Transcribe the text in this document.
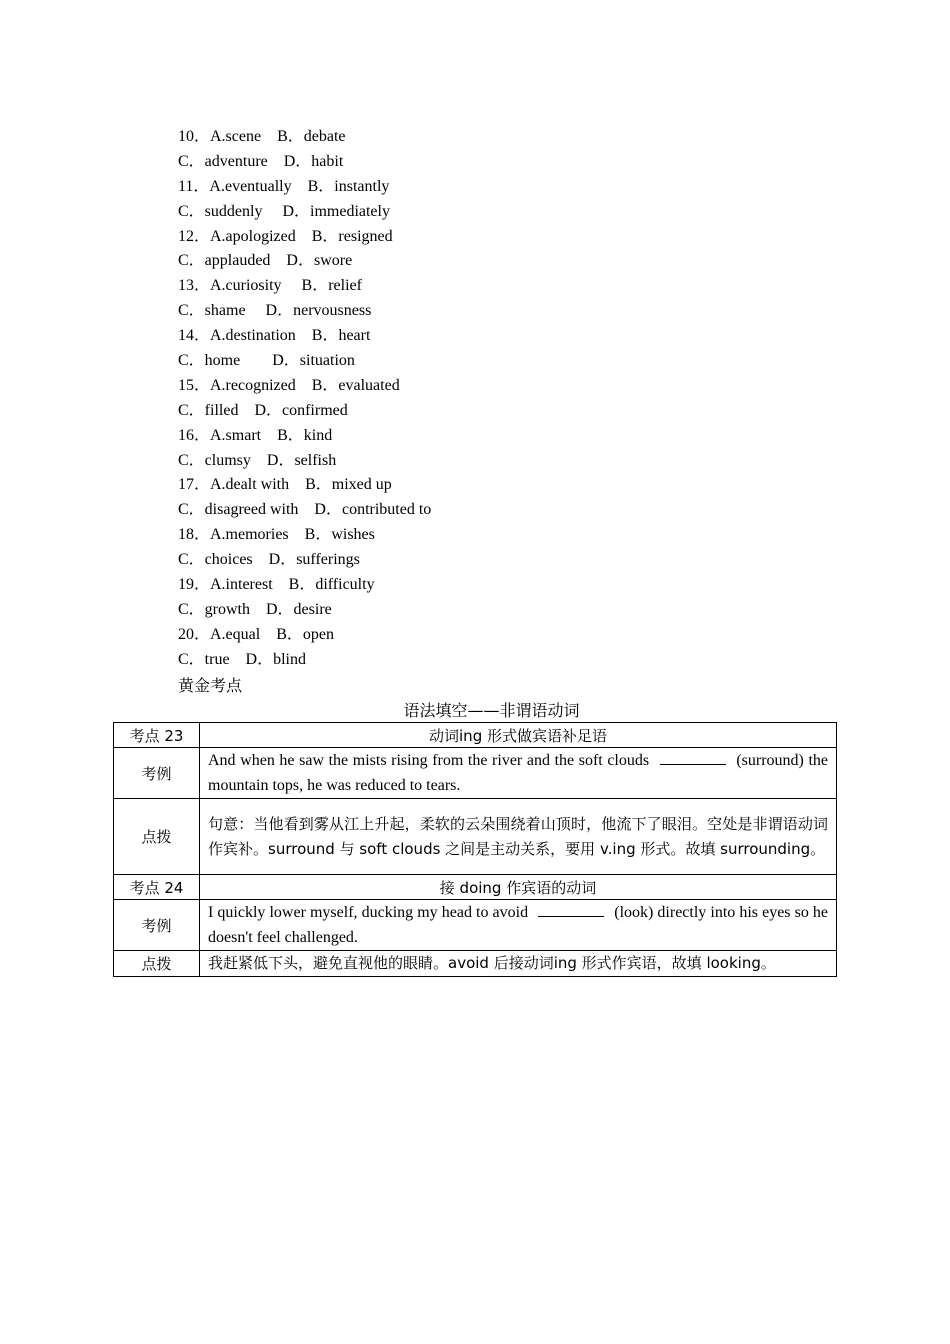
10．A.scene　B．debate
C．adventure　D．habit
11．A.eventually　B．instantly
C．suddenly　 D．immediately
12．A.apologized　B．resigned
C．applauded　D．swore
13．A.curiosity　 B．relief
C．shame　 D．nervousness
14．A.destination　B．heart
C．home　　D．situation
15．A.recognized　B．evaluated
C．filled　D．confirmed
16．A.smart　B．kind
C．clumsy　D．selfish
17．A.dealt with　B．mixed up
C．disagreed with　D．contributed to
18．A.memories　B．wishes
C．choices　D．sufferings
19．A.interest　B．difficulty
C．growth　D．desire
20．A.equal　B．open
C．true　D．blind
黄金考点
语法填空——非谓语动词
考点 23	动词ing 形式做宾语补足语
考例	And when he saw the mists rising from the river and the soft clouds (surround) the mountain tops, he was reduced to tears.
点拨	句意：当他看到雾从江上升起，柔软的云朵围绕着山顶时，他流下了眼泪。空处是非谓语动词作宾补。surround 与 soft clouds 之间是主动关系，要用 v.ing 形式。故填 surrounding。
考点 24	接 doing 作宾语的动词
考例	I quickly lower myself, ducking my head to avoid (look) directly into his eyes so he doesn't feel challenged.
点拨	我赶紧低下头，避免直视他的眼睛。avoid 后接动词ing 形式作宾语，故填 looking。
